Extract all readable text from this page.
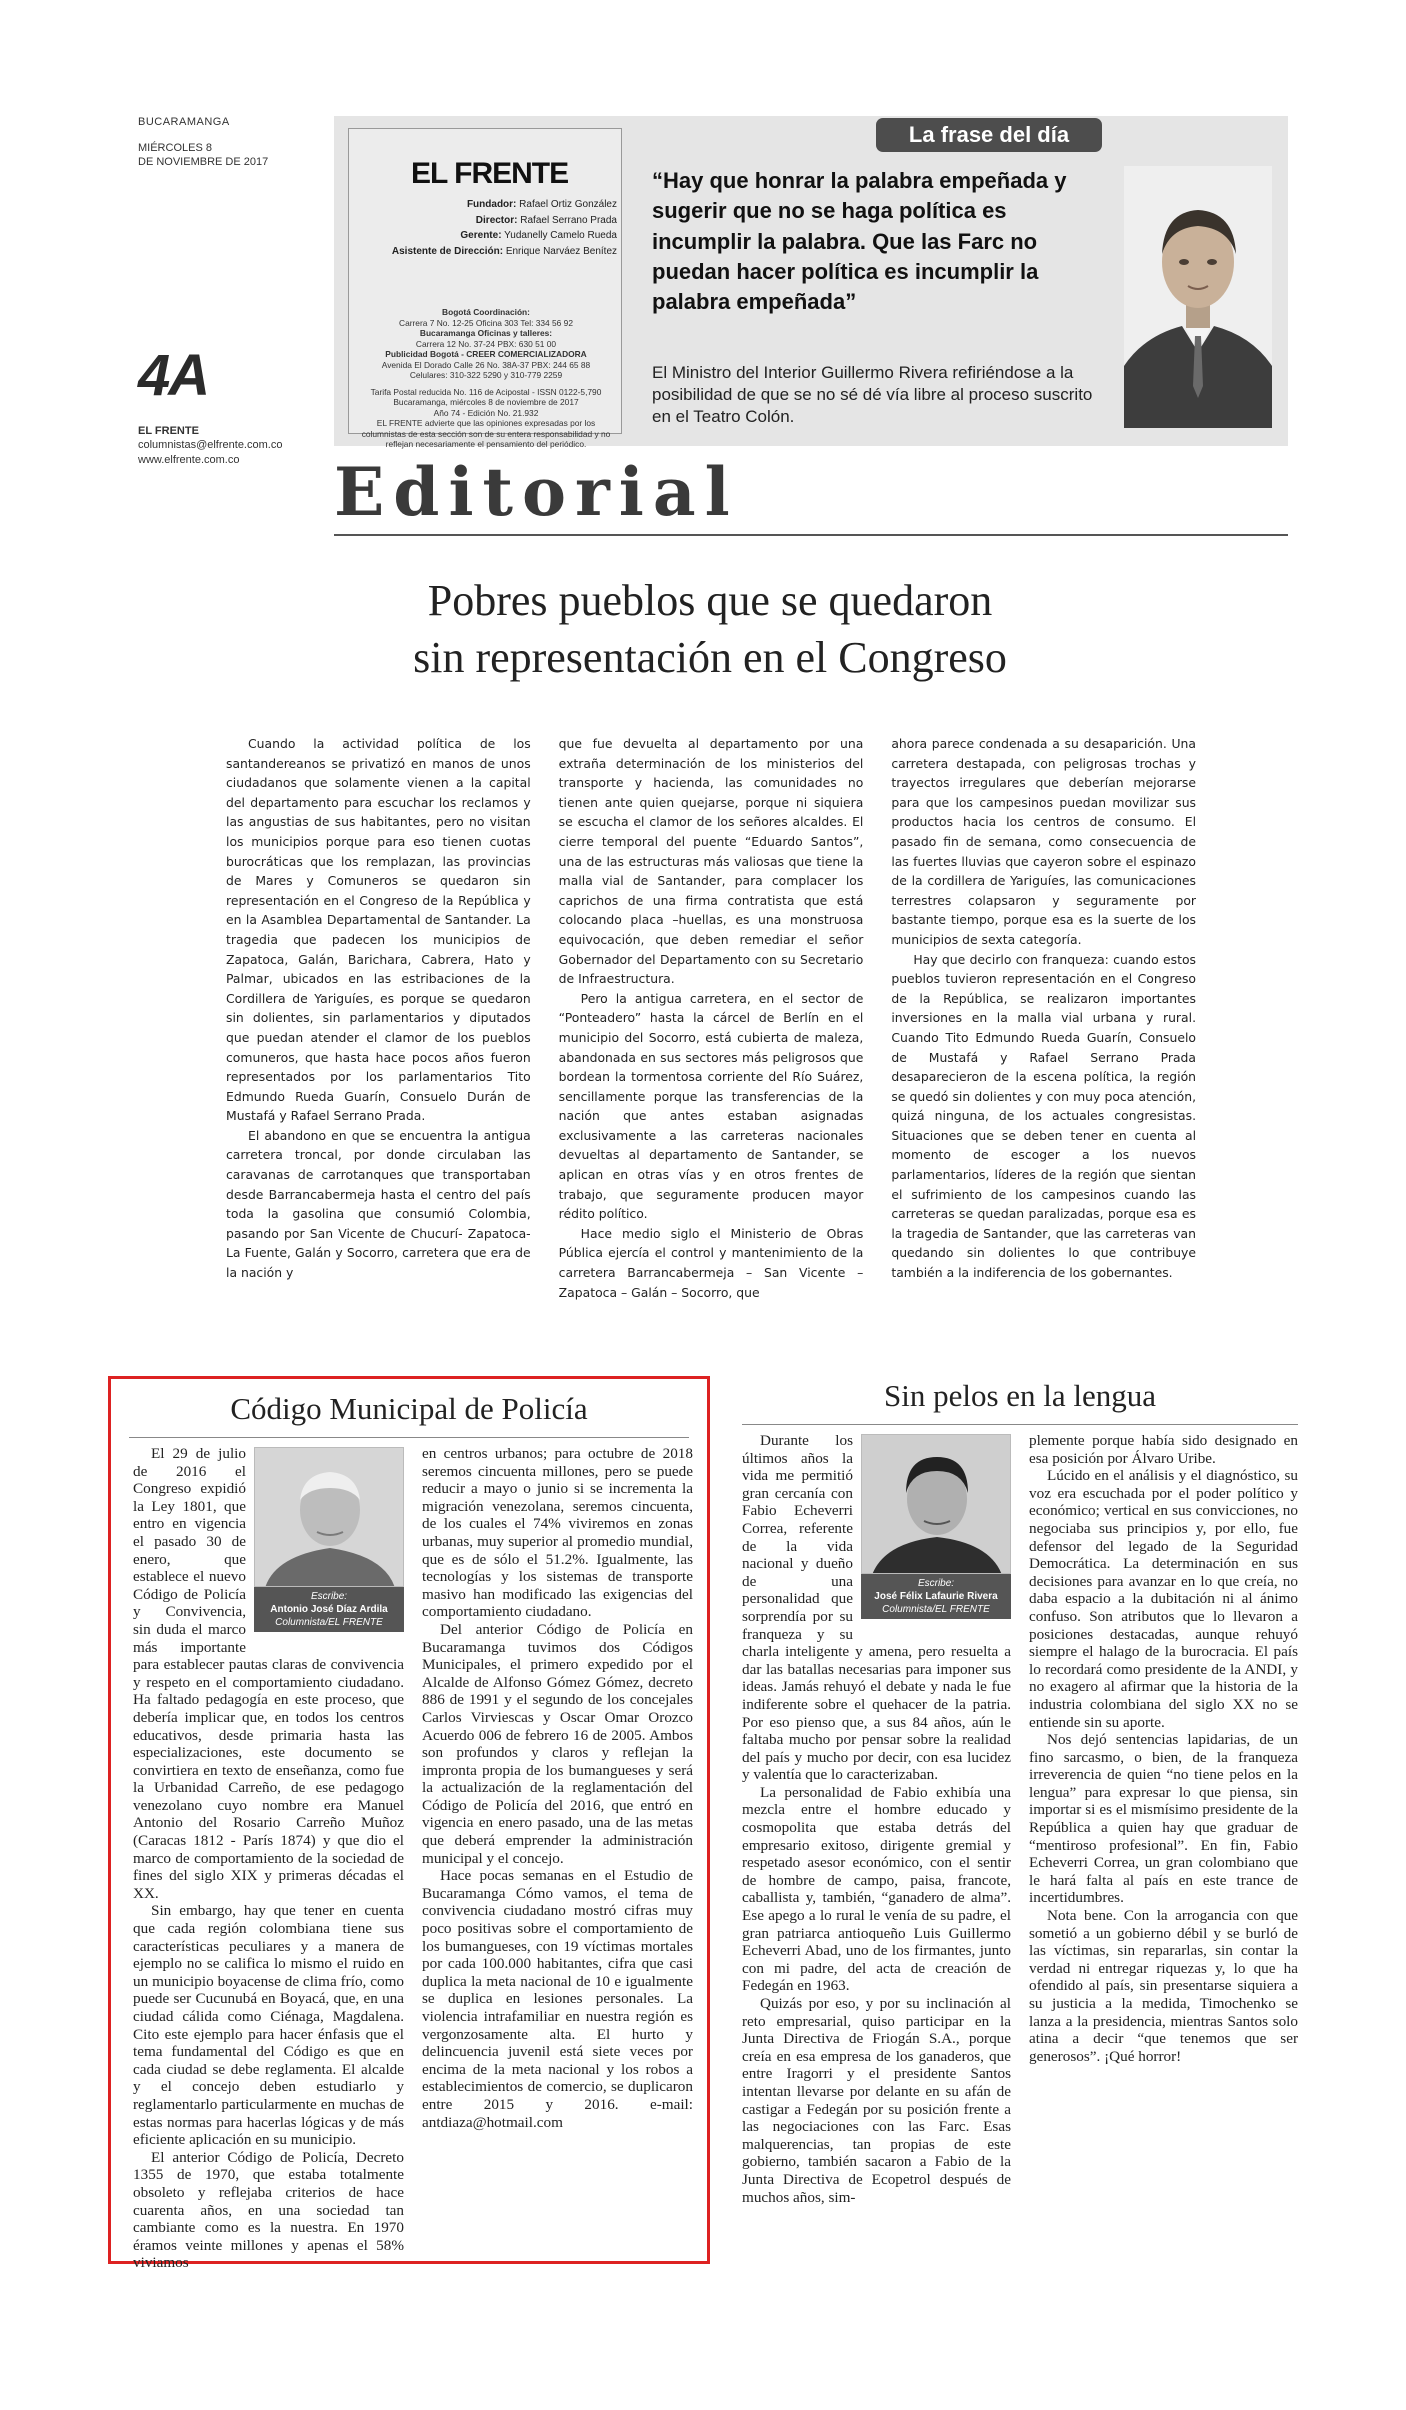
BUCARAMANGA
MIÉRCOLES 8
DE NOVIEMBRE DE 2017
4A
EL FRENTE
columnistas@elfrente.com.co
www.elfrente.com.co
EL FRENTE
Fundador: Rafael Ortiz González
Director: Rafael Serrano Prada
Gerente: Yudanelly Camelo Rueda
Asistente de Dirección: Enrique Narváez Benítez
Bogotá Coordinación:
Carrera 7 No. 12-25 Oficina 303 Tel: 334 56 92
Bucaramanga Oficinas y talleres:
Carrera 12 No. 37-24 PBX: 630 51 00
Publicidad Bogotá - CREER COMERCIALIZADORA
Avenida El Dorado Calle 26 No. 38A-37 PBX: 244 65 88
Celulares: 310-322 5290 y 310-779 2259
Tarifa Postal reducida No. 116 de Acipostal - ISSN 0122-5,790
Bucaramanga, miércoles 8 de noviembre de 2017
Año 74 - Edición No. 21.932
EL FRENTE advierte que las opiniones expresadas por los columnistas de esta sección son de su entera responsabilidad y no reflejan necesariamente el pensamiento del periódico.
La frase del día
“Hay que honrar la palabra empeñada y sugerir que no se haga política es incumplir la palabra. Que las Farc no puedan hacer política es incumplir la palabra empeñada”
El Ministro del Interior Guillermo Rivera refiriéndose a la posibilidad de que se no sé dé vía libre al proceso suscrito en el Teatro Colón.
Editorial
Pobres pueblos que se quedaron
sin representación en el Congreso

Cuando la actividad política de los santandereanos se privatizó en manos de unos ciudadanos que solamente vienen a la capital del departamento para escuchar los reclamos y las angustias de sus habitantes, pero no visitan los municipios porque para eso tienen cuotas burocráticas que los remplazan, las provincias de Mares y Comuneros se quedaron sin representación en el Congreso de la República y en la Asamblea Departamental de Santander. La tragedia que padecen los municipios de Zapatoca, Galán, Barichara, Cabrera, Hato y Palmar, ubicados en las estribaciones de la Cordillera de Yariguíes, es porque se quedaron sin dolientes, sin parlamentarios y diputados que puedan atender el clamor de los pueblos comuneros, que hasta hace pocos años fueron representados por los parlamentarios Tito Edmundo Rueda Guarín, Consuelo Durán de Mustafá y Rafael Serrano Prada.

El abandono en que se encuentra la antigua carretera troncal, por donde circulaban las caravanas de carrotanques que transportaban desde Barrancabermeja hasta el centro del país toda la gasolina que consumió Colombia, pasando por San Vicente de Chucurí- Zapatoca- La Fuente, Galán y Socorro, carretera que era de la nación y

que fue devuelta al departamento por una extraña determinación de los ministerios del transporte y hacienda, las comunidades no tienen ante quien quejarse, porque ni siquiera se escucha el clamor de los señores alcaldes. El cierre temporal del puente “Eduardo Santos”, una de las estructuras más valiosas que tiene la malla vial de Santander, para complacer los caprichos de una firma contratista que está colocando placa –huellas, es una monstruosa equivocación, que deben remediar el señor Gobernador del Departamento con su Secretario de Infraestructura.

Pero la antigua carretera, en el sector de “Ponteadero” hasta la cárcel de Berlín en el municipio del Socorro, está cubierta de maleza, abandonada en sus sectores más peligrosos que bordean la tormentosa corriente del Río Suárez, sencillamente porque las transferencias de la nación que antes estaban asignadas exclusivamente a las carreteras nacionales devueltas al departamento de Santander, se aplican en otras vías y en otros frentes de trabajo, que seguramente producen mayor rédito político.

Hace medio siglo el Ministerio de Obras Pública ejercía el control y mantenimiento de la carretera Barrancabermeja – San Vicente – Zapatoca – Galán – Socorro, que

ahora parece condenada a su desaparición. Una carretera destapada, con peligrosas trochas y trayectos irregulares que deberían mejorarse para que los campesinos puedan movilizar sus productos hacia los centros de consumo. El pasado fin de semana, como consecuencia de las fuertes lluvias que cayeron sobre el espinazo de la cordillera de Yariguíes, las comunicaciones terrestres colapsaron y seguramente por bastante tiempo, porque esa es la suerte de los municipios de sexta categoría.

Hay que decirlo con franqueza: cuando estos pueblos tuvieron representación en el Congreso de la República, se realizaron importantes inversiones en la malla vial urbana y rural. Cuando Tito Edmundo Rueda Guarín, Consuelo de Mustafá y Rafael Serrano Prada desaparecieron de la escena política, la región se quedó sin dolientes y con muy poca atención, quizá ninguna, de los actuales congresistas. Situaciones que se deben tener en cuenta al momento de escoger a los nuevos parlamentarios, líderes de la región que sientan el sufrimiento de los campesinos cuando las carreteras se quedan paralizadas, porque esa es la tragedia de Santander, que las carreteras van quedando sin dolientes lo que contribuye también a la indiferencia de los gobernantes.

Código Municipal de Policía
Escribe:
Antonio José Díaz Ardila
Columnista/EL FRENTE

El 29 de julio de 2016 el Congreso expidió la Ley 1801, que entro en vigencia el pasado 30 de enero, que establece el nuevo Código de Policía y Convivencia, sin duda el marco más importante para establecer pautas claras de convivencia y respeto en el comportamiento ciudadano. Ha faltado pedagogía en este proceso, que debería implicar que, en todos los centros educativos, desde primaria hasta las especializaciones, este documento se convirtiera en texto de enseñanza, como fue la Urbanidad Carreño, de ese pedagogo venezolano cuyo nombre era Manuel Antonio del Rosario Carreño Muñoz (Caracas 1812 - París 1874) y que dio el marco de comportamiento de la sociedad de fines del siglo XIX y primeras décadas el XX.

Sin embargo, hay que tener en cuenta que cada región colombiana tiene sus características peculiares y a manera de ejemplo no se califica lo mismo el ruido en un municipio boyacense de clima frío, como puede ser Cucunubá en Boyacá, que, en una ciudad cálida como Ciénaga, Magdalena. Cito este ejemplo para hacer énfasis que el tema fundamental del Código es que en cada ciudad se debe reglamenta. El alcalde y el concejo deben estudiarlo y reglamentarlo particularmente en muchas de estas normas para hacerlas lógicas y de más eficiente aplicación en su municipio.

El anterior Código de Policía, Decreto 1355 de 1970, que estaba totalmente obsoleto y reflejaba criterios de hace cuarenta años, en una sociedad tan cambiante como es la nuestra. En 1970 éramos veinte millones y apenas el 58% viviamos

en centros urbanos; para octubre de 2018 seremos cincuenta millones, pero se puede reducir a mayo o junio si se incrementa la migración venezolana, seremos cincuenta, de los cuales el 74% viviremos en zonas urbanas, muy superior al promedio mundial, que es de sólo el 51.2%. Igualmente, las tecnologías y los sistemas de transporte masivo han modificado las exigencias del comportamiento ciudadano.

Del anterior Código de Policía en Bucaramanga tuvimos dos Códigos Municipales, el primero expedido por el Alcalde de Alfonso Gómez Gómez, decreto 886 de 1991 y el segundo de los concejales Carlos Virviescas y Oscar Omar Orozco Acuerdo 006 de febrero 16 de 2005. Ambos son profundos y claros y reflejan la impronta propia de los bumangueses y será la actualización de la reglamentación del Código de Policía del 2016, que entró en vigencia en enero pasado, una de las metas que deberá emprender la administración municipal y el concejo.

Hace pocas semanas en el Estudio de Bucaramanga Cómo vamos, el tema de convivencia ciudadano mostró cifras muy poco positivas sobre el comportamiento de los bumangueses, con 19 víctimas mortales por cada 100.000 habitantes, cifra que casi duplica la meta nacional de 10 e igualmente se duplica en lesiones personales. La violencia intrafamiliar en nuestra región es vergonzosamente alta. El hurto y delincuencia juvenil está siete veces por encima de la meta nacional y los robos a establecimientos de comercio, se duplicaron entre 2015 y 2016. e-mail: antdiaza@hotmail.com

Sin pelos en la lengua
Escribe:
José Félix Lafaurie Rivera
Columnista/EL FRENTE

Durante los últimos años la vida me permitió gran cercanía con Fabio Echeverri Correa, referente de la vida nacional y dueño de una personalidad que sorprendía por su franqueza y su charla inteligente y amena, pero resuelta a dar las batallas necesarias para imponer sus ideas. Jamás rehuyó el debate y nada le fue indiferente sobre el quehacer de la patria. Por eso pienso que, a sus 84 años, aún le faltaba mucho por pensar sobre la realidad del país y mucho por decir, con esa lucidez y valentía que lo caracterizaban.

La personalidad de Fabio exhibía una mezcla entre el hombre educado y cosmopolita que estaba detrás del empresario exitoso, dirigente gremial y respetado asesor económico, con el sentir de hombre de campo, paisa, francote, caballista y, también, “ganadero de alma”. Ese apego a lo rural le venía de su padre, el gran patriarca antioqueño Luis Guillermo Echeverri Abad, uno de los firmantes, junto con mi padre, del acta de creación de Fedegán en 1963.

Quizás por eso, y por su inclinación al reto empresarial, quiso participar en la Junta Directiva de Friogán S.A., porque creía en esa empresa de los ganaderos, que entre Iragorri y el presidente Santos intentan llevarse por delante en su afán de castigar a Fedegán por su posición frente a las negociaciones con las Farc. Esas malquerencias, tan propias de este gobierno, también sacaron a Fabio de la Junta Directiva de Ecopetrol después de muchos años, sim-

plemente porque había sido designado en esa posición por Álvaro Uribe.

Lúcido en el análisis y el diagnóstico, su voz era escuchada por el poder político y económico; vertical en sus convicciones, no negociaba sus principios y, por ello, fue defensor del legado de la Seguridad Democrática. La determinación en sus decisiones para avanzar en lo que creía, no daba espacio a la dubitación ni al ánimo confuso. Son atributos que lo llevaron a posiciones destacadas, aunque rehuyó siempre el halago de la burocracia. El país lo recordará como presidente de la ANDI, y no exagero al afirmar que la historia de la industria colombiana del siglo XX no se entiende sin su aporte.

Nos dejó sentencias lapidarias, de un fino sarcasmo, o bien, de la franqueza irreverencia de quien “no tiene pelos en la lengua” para expresar lo que piensa, sin importar si es el mismísimo presidente de la República a quien hay que graduar de “mentiroso profesional”. En fin, Fabio Echeverri Correa, un gran colombiano que le hará falta al país en este trance de incertidumbres.

Nota bene. Con la arrogancia con que sometió a un gobierno débil y se burló de las víctimas, sin repararlas, sin contar la verdad ni entregar riquezas y, lo que ha ofendido al país, sin presentarse siquiera a su justicia a la medida, Timochenko se lanza a la presidencia, mientras Santos solo atina a decir “que tenemos que ser generosos”. ¡Qué horror!
